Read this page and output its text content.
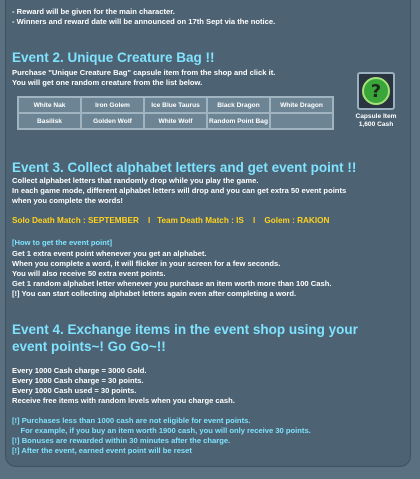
- Reward will be given for the main character.
- Winners and reward date will be announced on 17th Sept via the notice.
Event 2. Unique Creature Bag !!
Purchase "Unique Creature Bag" capsule item from the shop and click it.
You will get one random creature from the list below.
White Nak	Iron Golem	Ice Blue Taurus	Black Dragon	White Dragon
Basilisk	Golden Wolf	White Wolf	Random Point Bag	
?
Capsule Item
1,600 Cash
Event 3. Collect alphabet letters and get event point !!
Collect alphabet letters that randomly drop while you play the game.
In each game mode, different alphabet letters will drop and you can get extra 50 event points
when you complete the words!
Solo Death Match : SEPTEMBER    l   Team Death Match : IS    l    Golem : RAKION
[How to get the event point]
Get 1 extra event point whenever you get an alphabet.
When you complete a word, it will flicker in your screen for a few seconds.
You will also receive 50 extra event points.
Get 1 random alphabet letter whenever you purchase an item worth more than 100 Cash.
[!] You can start collecting alphabet letters again even after completing a word.
Event 4. Exchange items in the event shop using your
event points~! Go Go~!!
Every 1000 Cash charge = 3000 Gold.
Every 1000 Cash charge = 30 points.
Every 1000 Cash used = 30 points.
Receive free items with random levels when you charge cash.
[!] Purchases less than 1000 cash are not eligible for event points.
For example, if you buy an item worth 1900 cash, you will only receive 30 points.
[!] Bonuses are rewarded within 30 minutes after the charge.
[!] After the event, earned event point will be reset
